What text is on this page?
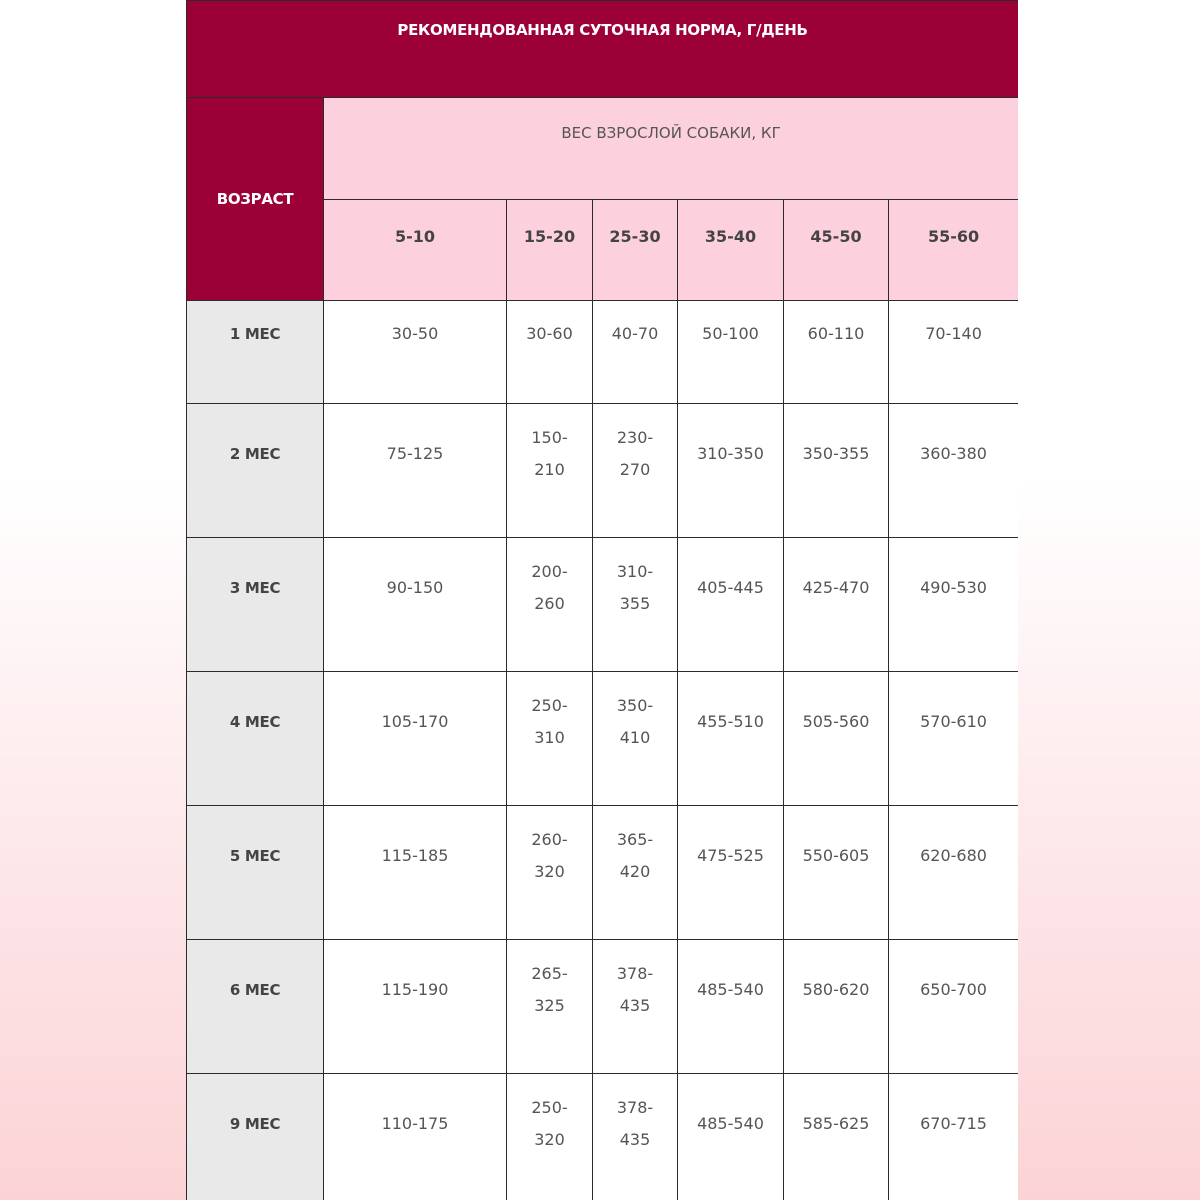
РЕКОМЕНДОВАННАЯ СУТОЧНАЯ НОРМА, Г/ДЕНЬ						
ВОЗРАСТ	ВЕС ВЗРОСЛОЙ СОБАКИ, КГ					
	5-10	15-20	25-30	35-40	45-50	55-60

1 МЕС	30-50	30-60	40-70	50-100	60-110	70-140

2 МЕС	75-125	150-210	230-270	310-350	350-355	360-380

3 МЕС	90-150	200-260	310-355	405-445	425-470	490-530

4 МЕС	105-170	250-310	350-410	455-510	505-560	570-610

5 МЕС	115-185	260-320	365-420	475-525	550-605	620-680

6 МЕС	115-190	265-325	378-435	485-540	580-620	650-700

9 МЕС	110-175	250-320	378-435	485-540	585-625	670-715
